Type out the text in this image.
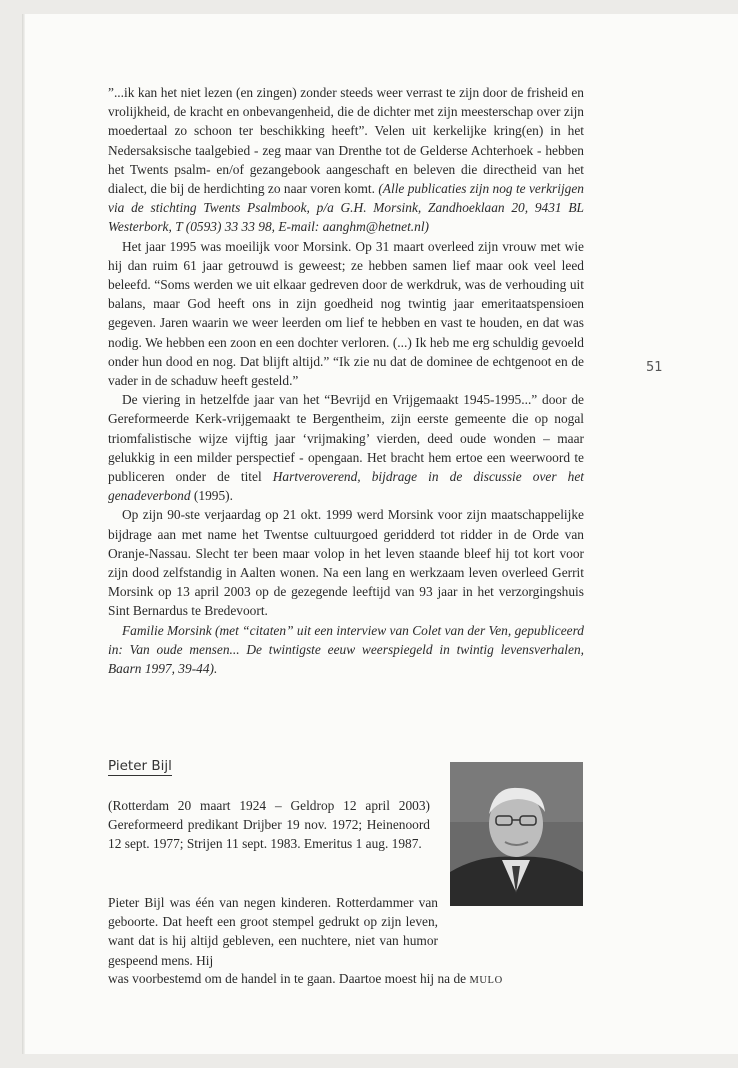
”...ik kan het niet lezen (en zingen) zonder steeds weer verrast te zijn door de frisheid en vrolijkheid, de kracht en onbevangenheid, die de dichter met zijn meesterschap over zijn moedertaal zo schoon ter beschikking heeft”. Velen uit kerkelijke kring(en) in het Nedersaksische taalgebied - zeg maar van Drenthe tot de Gelderse Achterhoek - hebben het Twents psalm- en/of gezangebook aangeschaft en beleven die directheid van het dialect, die bij de herdichting zo naar voren komt. (Alle publicaties zijn nog te verkrijgen via de stichting Twents Psalmbook, p/a G.H. Morsink, Zandhoeklaan 20, 9431 BL Westerbork, T (0593) 33 33 98, E-mail: aanghm@hetnet.nl)

Het jaar 1995 was moeilijk voor Morsink. Op 31 maart overleed zijn vrouw met wie hij dan ruim 61 jaar getrouwd is geweest; ze hebben samen lief maar ook veel leed beleefd. “Soms werden we uit elkaar gedreven door de werkdruk, was de verhouding uit balans, maar God heeft ons in zijn goedheid nog twintig jaar emeritaatspensioen gegeven. Jaren waarin we weer leerden om lief te hebben en vast te houden, en dat was nodig. We hebben een zoon en een dochter verloren. (...) Ik heb me erg schuldig gevoeld onder hun dood en nog. Dat blijft altijd.” “Ik zie nu dat de dominee de echtgenoot en de vader in de schaduw heeft gesteld.”

De viering in hetzelfde jaar van het “Bevrijd en Vrijgemaakt 1945-1995...” door de Gereformeerde Kerk-vrijgemaakt te Bergentheim, zijn eerste gemeente die op nogal triomfalistische wijze vijftig jaar ‘vrijmaking’ vierden, deed oude wonden – maar gelukkig in een milder perspectief - opengaan. Het bracht hem ertoe een weerwoord te publiceren onder de titel Hartveroverend, bijdrage in de discussie over het genadeverbond (1995).

Op zijn 90-ste verjaardag op 21 okt. 1999 werd Morsink voor zijn maatschappelijke bijdrage aan met name het Twentse cultuurgoed geridderd tot ridder in de Orde van Oranje-Nassau. Slecht ter been maar volop in het leven staande bleef hij tot kort voor zijn dood zelfstandig in Aalten wonen. Na een lang en werkzaam leven overleed Gerrit Morsink op 13 april 2003 op de gezegende leeftijd van 93 jaar in het verzorgingshuis Sint Bernardus te Bredevoort.

Familie Morsink (met “citaten” uit een interview van Colet van der Ven, gepubliceerd in: Van oude mensen... De twintigste eeuw weerspiegeld in twintig levensverhalen, Baarn 1997, 39-44).

51
Pieter Bijl
(Rotterdam 20 maart 1924 – Geldrop 12 april 2003) Gereformeerd predikant Drijber 19 nov. 1972; Heinenoord 12 sept. 1977; Strijen 11 sept. 1983. Emeritus 1 aug. 1987.
Pieter Bijl was één van negen kinderen. Rotterdammer van geboorte. Dat heeft een groot stempel gedrukt op zijn leven, want dat is hij altijd gebleven, een nuchtere, niet van humor gespeend mens. Hij
was voorbestemd om de handel in te gaan. Daartoe moest hij na de MULO
